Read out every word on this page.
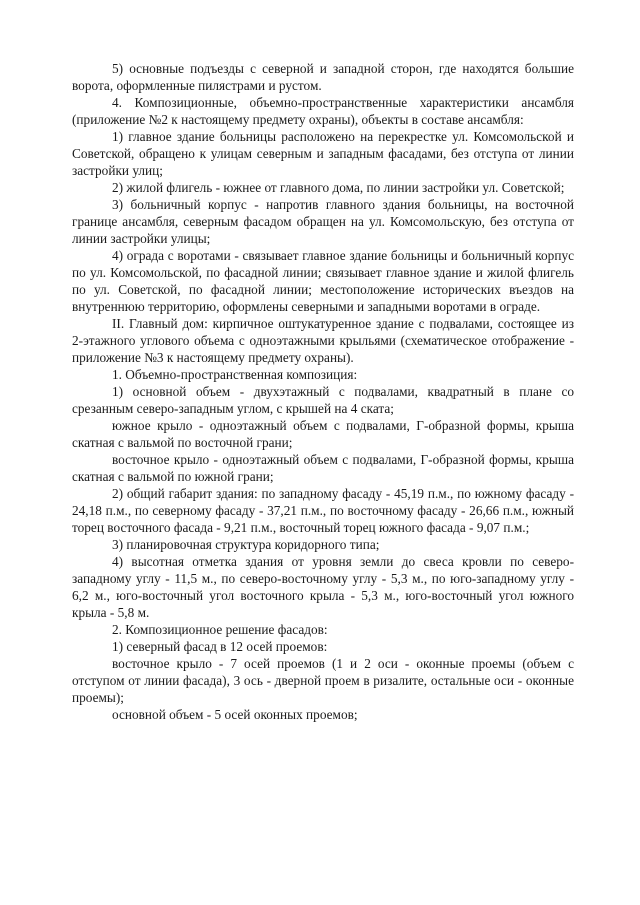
5) основные подъезды с северной и западной сторон, где находятся большие ворота, оформленные пилястрами и рустом.

4. Композиционные, объемно-пространственные характеристики ансамбля (приложение №2 к настоящему предмету охраны), объекты в составе ансамбля:

1) главное здание больницы расположено на перекрестке ул. Комсомольской и Советской, обращено к улицам северным и западным фасадами, без отступа от линии застройки улиц;

2) жилой флигель - южнее от главного дома, по линии застройки ул. Советской;

3) больничный корпус - напротив главного здания больницы, на восточной границе ансамбля, северным фасадом обращен на ул. Комсомольскую, без отступа от линии застройки улицы;

4) ограда с воротами - связывает главное здание больницы и больничный корпус по ул. Комсомольской, по фасадной линии; связывает главное здание и жилой флигель по ул. Советской, по фасадной линии; местоположение исторических въездов на внутреннюю территорию, оформлены северными и западными воротами в ограде.

II. Главный дом: кирпичное оштукатуренное здание с подвалами, состоящее из 2-этажного углового объема с одноэтажными крыльями (схематическое отображение - приложение №3 к настоящему предмету охраны).

1. Объемно-пространственная композиция:

1) основной объем - двухэтажный с подвалами, квадратный в плане со срезанным северо-западным углом, с крышей на 4 ската;

южное крыло - одноэтажный объем с подвалами, Г-образной формы, крыша скатная с вальмой по восточной грани;

восточное крыло - одноэтажный объем с подвалами, Г-образной формы, крыша скатная с вальмой по южной грани;

2) общий габарит здания: по западному фасаду - 45,19 п.м., по южному фасаду - 24,18 п.м., по северному фасаду - 37,21 п.м., по восточному фасаду - 26,66 п.м., южный торец восточного фасада - 9,21 п.м., восточный торец южного фасада - 9,07 п.м.;

3) планировочная структура коридорного типа;

4) высотная отметка здания от уровня земли до свеса кровли по северо-западному углу - 11,5 м., по северо-восточному углу - 5,3 м., по юго-западному углу - 6,2 м., юго-восточный угол восточного крыла - 5,3 м., юго-восточный угол южного крыла - 5,8 м.

2. Композиционное решение фасадов:

1) северный фасад в 12 осей проемов:

восточное крыло - 7 осей проемов (1 и 2 оси - оконные проемы (объем с отступом от линии фасада), 3 ось - дверной проем в ризалите, остальные оси - оконные проемы);

основной объем - 5 осей оконных проемов;
